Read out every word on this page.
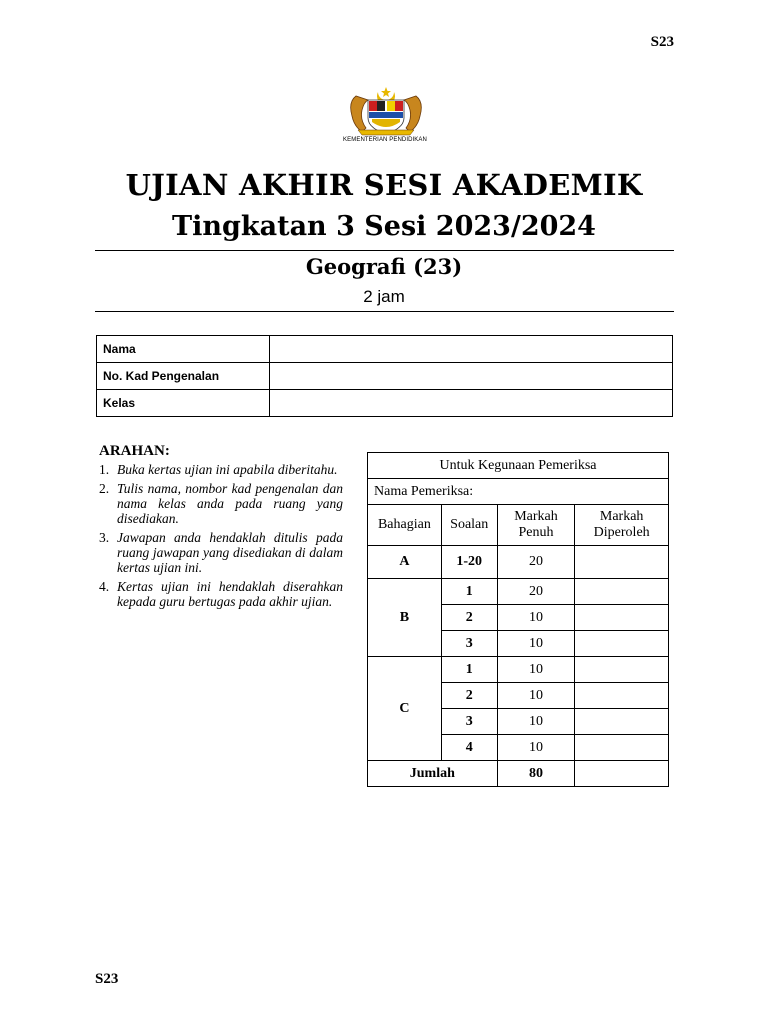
S23
KEMENTERIAN PENDIDIKAN
UJIAN AKHIR SESI AKADEMIK
Tingkatan 3 Sesi 2023/2024
Geografi (23)
2 jam
Nama	
No. Kad Pengenalan	
Kelas	
ARAHAN:
1. Buka kertas ujian ini apabila diberitahu.
2. Tulis nama, nombor kad pengenalan dan nama kelas anda pada ruang yang disediakan.
3. Jawapan anda hendaklah ditulis pada ruang jawapan yang disediakan di dalam kertas ujian ini.
4. Kertas ujian ini hendaklah diserahkan kepada guru bertugas pada akhir ujian.
Untuk Kegunaan Pemeriksa			
Nama Pemeriksa:			
Bahagian	Soalan	Markah Penuh	Markah Diperoleh
A	1-20	20	
B	1	20	
	2	10	
	3	10	
C	1	10	
	2	10	
	3	10	
	4	10	
Jumlah		80	
S23
